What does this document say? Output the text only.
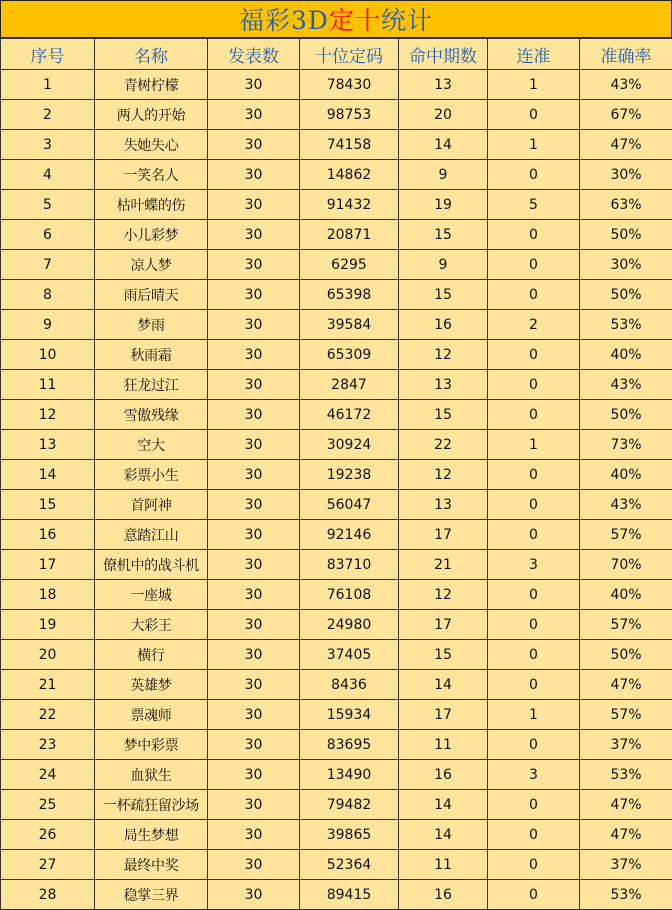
福彩3D 定十 统计
序号	名称	发表数	十位定码	命中期数	连准	准确率
1	青树柠檬	30	78430	13	1	43%
2	两人的开始	30	98753	20	0	67%
3	失她失心	30	74158	14	1	47%
4	一笑名人	30	14862	9	0	30%
5	枯叶蝶的伤	30	91432	19	5	63%
6	小儿彩梦	30	20871	15	0	50%
7	凉人梦	30	6295	9	0	30%
8	雨后晴天	30	65398	15	0	50%
9	梦雨	30	39584	16	2	53%
10	秋雨霜	30	65309	12	0	40%
11	狂龙过江	30	2847	13	0	43%
12	雪傲残缘	30	46172	15	0	50%
13	空大	30	30924	22	1	73%
14	彩票小生	30	19238	12	0	40%
15	首阿神	30	56047	13	0	43%
16	意踏江山	30	92146	17	0	57%
17	僚机中的战斗机	30	83710	21	3	70%
18	一座城	30	76108	12	0	40%
19	大彩王	30	24980	17	0	57%
20	横行	30	37405	15	0	50%
21	英雄梦	30	8436	14	0	47%
22	票魂师	30	15934	17	1	57%
23	梦中彩票	30	83695	11	0	37%
24	血狱生	30	13490	16	3	53%
25	一杯疏狂留沙场	30	79482	14	0	47%
26	局生梦想	30	39865	14	0	47%
27	最终中奖	30	52364	11	0	37%
28	稳掌三界	30	89415	16	0	53%
